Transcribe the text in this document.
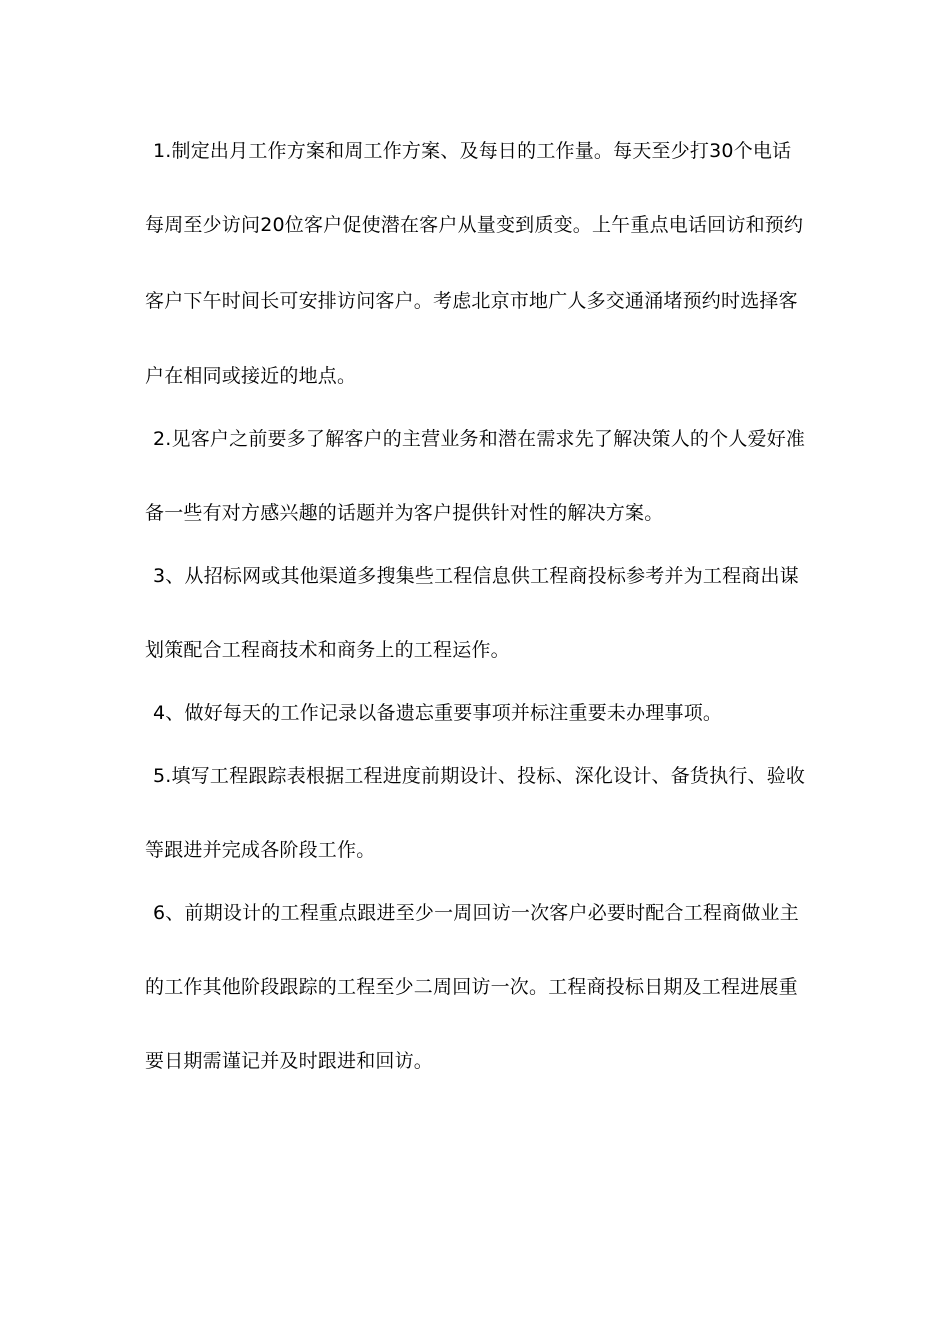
1.制定出月工作方案和周工作方案、及每日的工作量。每天至少打30个电话
每周至少访问20位客户促使潜在客户从量变到质变。上午重点电话回访和预约
客户下午时间长可安排访问客户。考虑北京市地广人多交通涌堵预约时选择客
户在相同或接近的地点。
2.见客户之前要多了解客户的主营业务和潜在需求先了解决策人的个人爱好准
备一些有对方感兴趣的话题并为客户提供针对性的解决方案。
3、从招标网或其他渠道多搜集些工程信息供工程商投标参考并为工程商出谋
划策配合工程商技术和商务上的工程运作。
4、做好每天的工作记录以备遗忘重要事项并标注重要未办理事项。
5.填写工程跟踪表根据工程进度前期设计、投标、深化设计、备货执行、验收
等跟进并完成各阶段工作。
6、前期设计的工程重点跟进至少一周回访一次客户必要时配合工程商做业主
的工作其他阶段跟踪的工程至少二周回访一次。工程商投标日期及工程进展重
要日期需谨记并及时跟进和回访。
